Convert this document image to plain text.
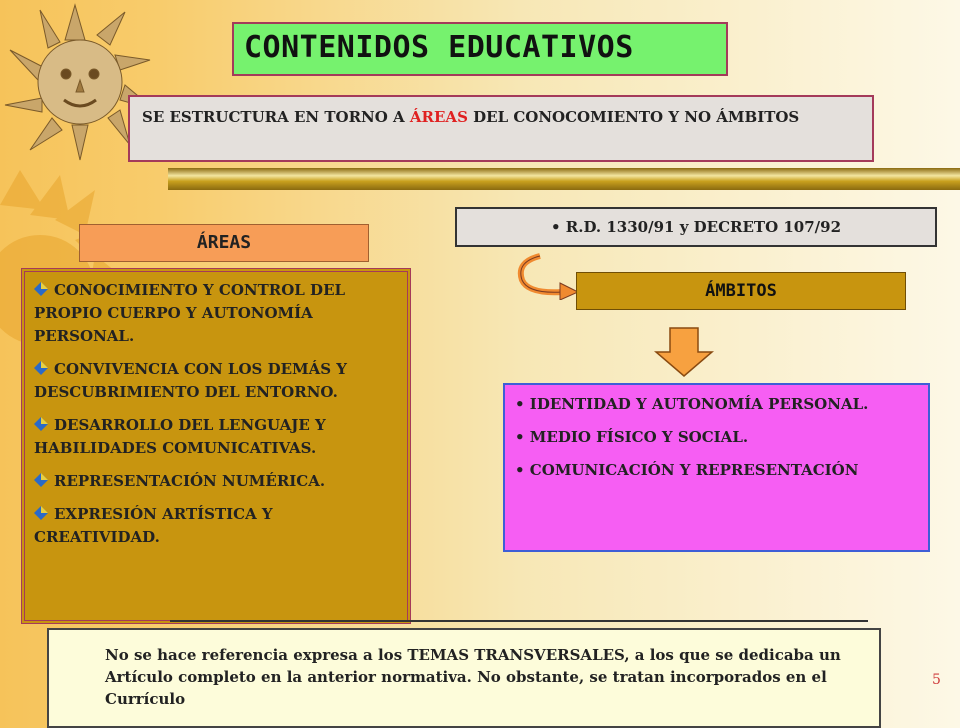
CONTENIDOS EDUCATIVOS
SE ESTRUCTURA EN TORNO A ÁREAS DEL CONOCOMIENTO Y NO ÁMBITOS
• R.D. 1330/91 y DECRETO 107/92
ÁREAS
ÁMBITOS
CONOCIMIENTO Y CONTROL DEL PROPIO CUERPO Y AUTONOMÍA PERSONAL.
CONVIVENCIA CON LOS DEMÁS Y DESCUBRIMIENTO DEL ENTORNO.
DESARROLLO DEL LENGUAJE Y HABILIDADES COMUNICATIVAS.
REPRESENTACIÓN NUMÉRICA.
EXPRESIÓN ARTÍSTICA Y CREATIVIDAD.
• IDENTIDAD Y AUTONOMÍA PERSONAL.
• MEDIO FÍSICO Y SOCIAL.
• COMUNICACIÓN Y REPRESENTACIÓN
No se hace referencia expresa a los TEMAS TRANSVERSALES, a los que se dedicaba un Artículo completo en la anterior normativa. No obstante, se tratan incorporados en el Currículo
5
